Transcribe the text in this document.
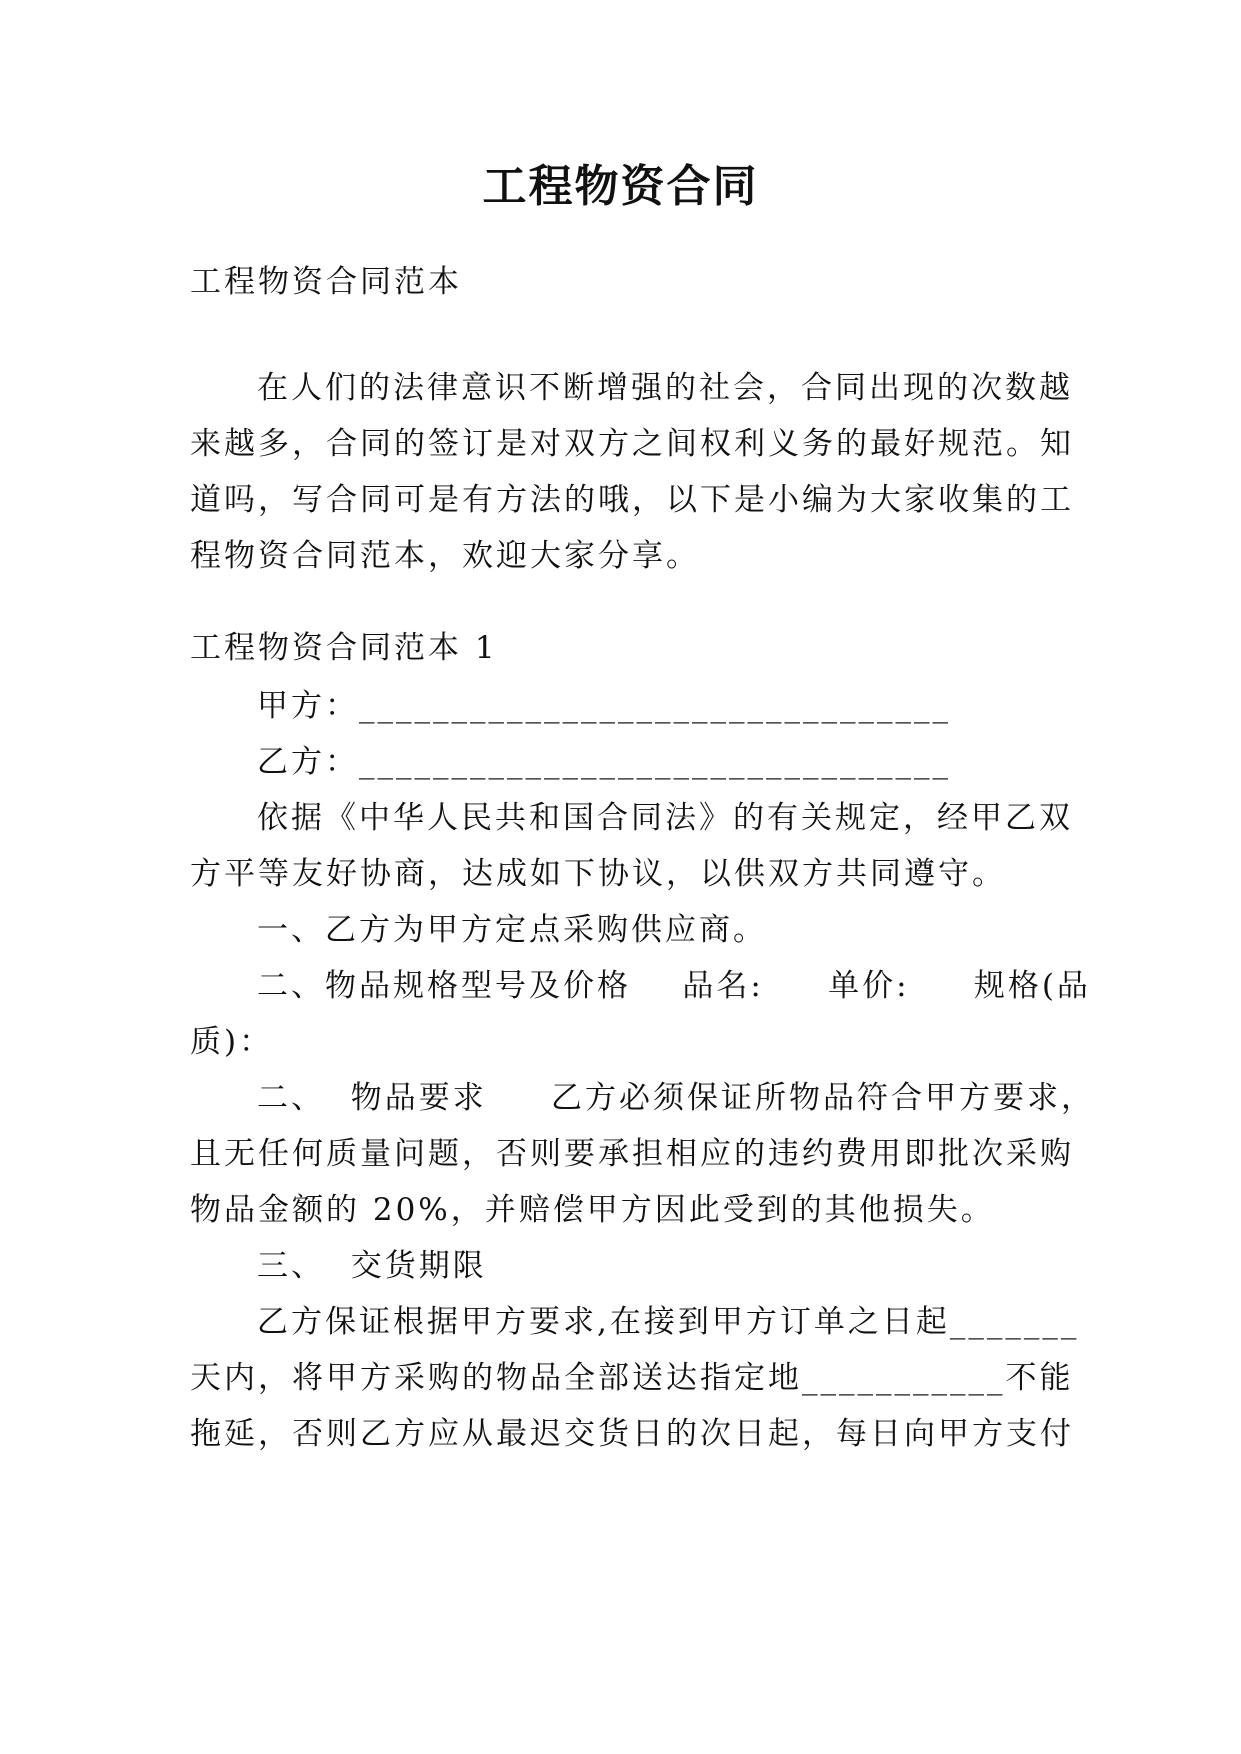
工程物资合同
工程物资合同范本
在人们的法律意识不断增强的社会，合同出现的次数越
来越多，合同的签订是对双方之间权利义务的最好规范。知
道吗，写合同可是有方法的哦，以下是小编为大家收集的工
程物资合同范本，欢迎大家分享。
工程物资合同范本 1
甲方：________________________________
乙方：________________________________
依据《中华人民共和国合同法》的有关规定，经甲乙双
方平等友好协商，达成如下协议，以供双方共同遵守。
一、乙方为甲方定点采购供应商。
二、物品规格型号及价格    品名:     单价:     规格(品
质)：
二、  物品要求     乙方必须保证所物品符合甲方要求，
且无任何质量问题，否则要承担相应的违约费用即批次采购
物品金额的 20%，并赔偿甲方因此受到的其他损失。
三、  交货期限
乙方保证根据甲方要求,在接到甲方订单之日起_______
天内，将甲方采购的物品全部送达指定地___________不能
拖延，否则乙方应从最迟交货日的次日起，每日向甲方支付
